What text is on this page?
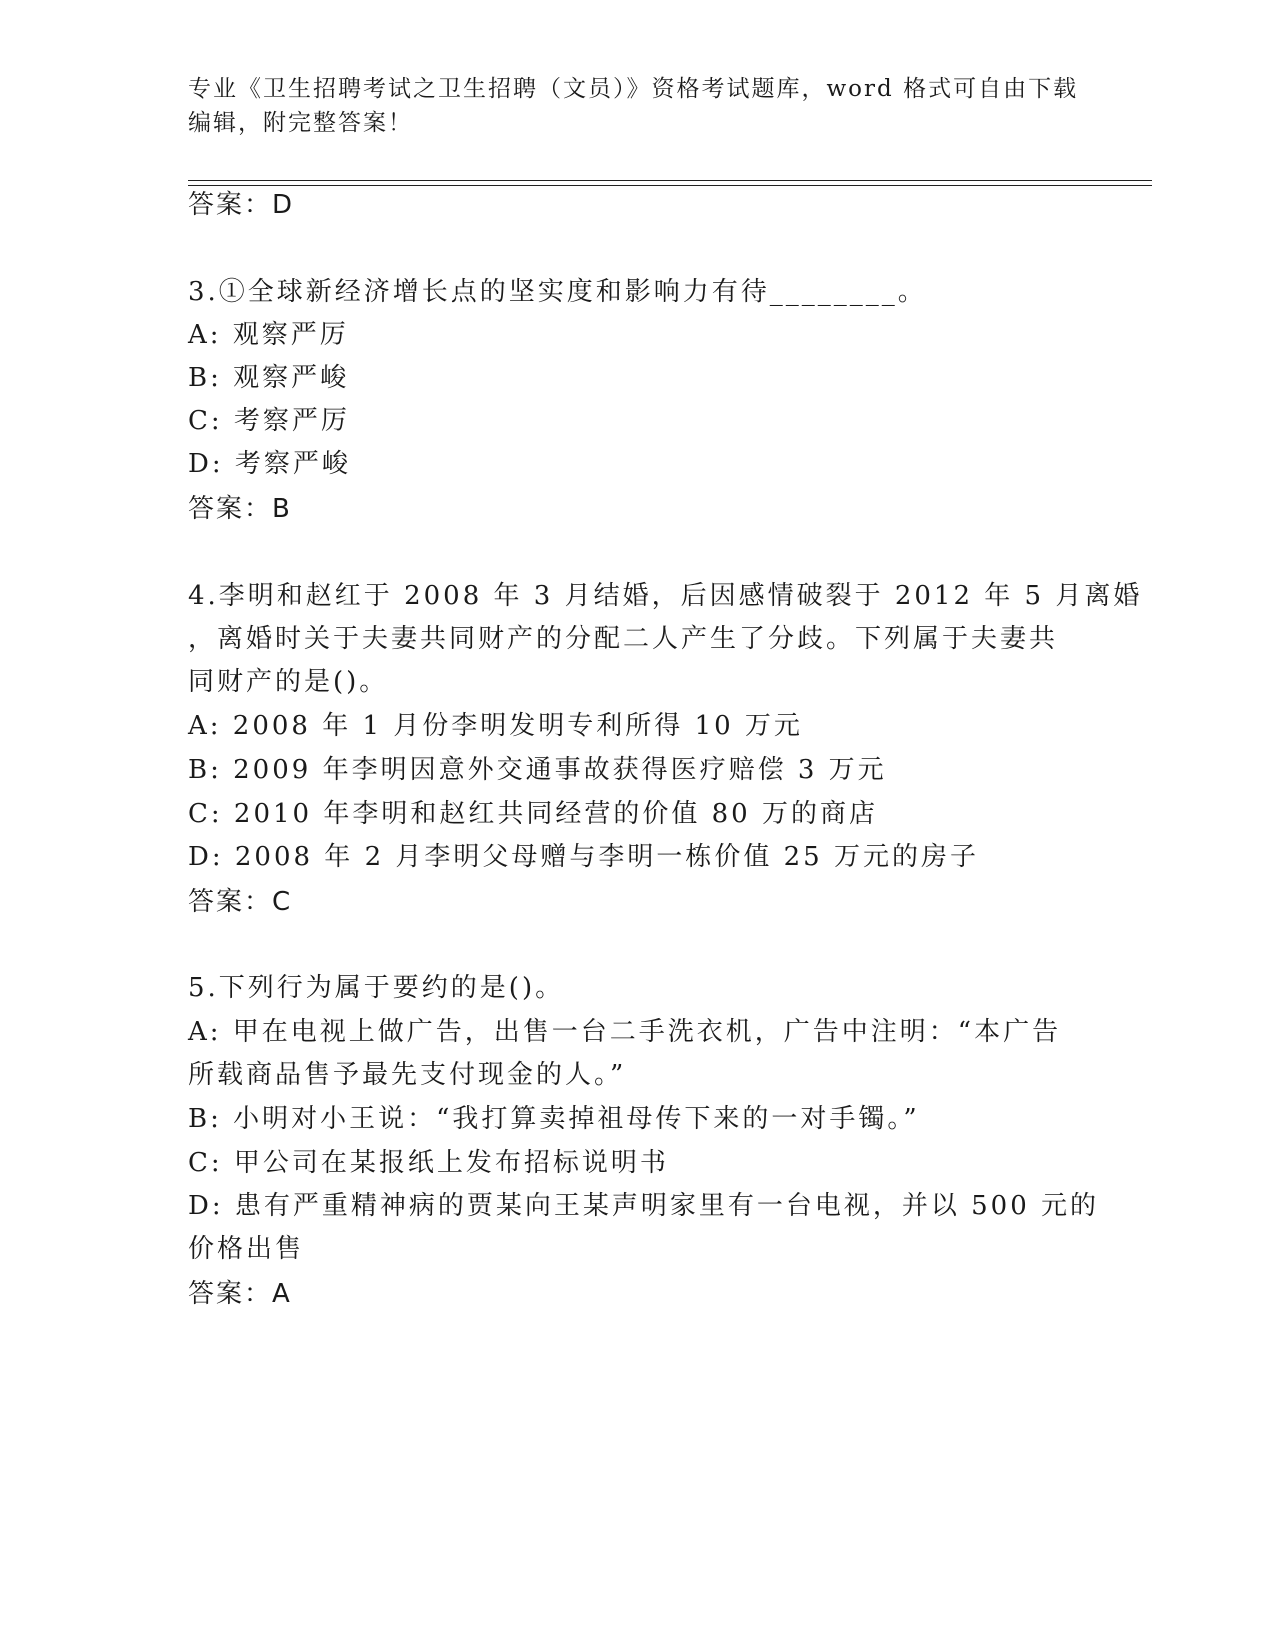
专业《卫生招聘考试之卫生招聘（文员）》资格考试题库，word 格式可自由下载
编辑，附完整答案！
答案：D
3.①全球新经济增长点的坚实度和影响力有待________。
A: 观察严厉
B: 观察严峻
C: 考察严厉
D: 考察严峻
答案：B
4.李明和赵红于 2008 年 3 月结婚，后因感情破裂于 2012 年 5 月离婚
，离婚时关于夫妻共同财产的分配二人产生了分歧。下列属于夫妻共
同财产的是()。
A: 2008 年 1 月份李明发明专利所得 10 万元
B: 2009 年李明因意外交通事故获得医疗赔偿 3 万元
C: 2010 年李明和赵红共同经营的价值 80 万的商店
D: 2008 年 2 月李明父母赠与李明一栋价值 25 万元的房子
答案：C
5.下列行为属于要约的是()。
A: 甲在电视上做广告，出售一台二手洗衣机，广告中注明：“本广告
所载商品售予最先支付现金的人。”
B: 小明对小王说：“我打算卖掉祖母传下来的一对手镯。”
C: 甲公司在某报纸上发布招标说明书
D: 患有严重精神病的贾某向王某声明家里有一台电视，并以 500 元的
价格出售
答案：A
